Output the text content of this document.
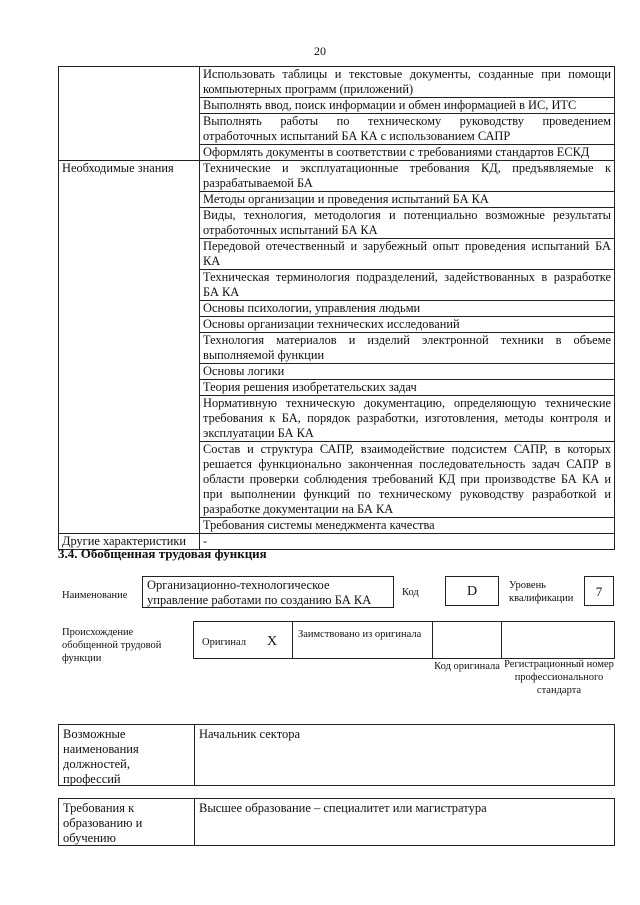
20
	Использовать таблицы и текстовые документы, созданные при помощи компьютерных программ (приложений)
	Выполнять ввод, поиск информации и обмен информацией в ИС, ИТС
	Выполнять работы по техническому руководству проведением отработочных испытаний БА КА с использованием САПР
	Оформлять документы в соответствии с требованиями стандартов ЕСКД
Необходимые знания	Технические и эксплуатационные требования КД, предъявляемые к разрабатываемой БА
	Методы организации и проведения испытаний БА КА
	Виды, технология, методология и потенциально возможные результаты отработочных испытаний БА КА
	Передовой отечественный и зарубежный опыт проведения испытаний БА КА
	Техническая терминология подразделений, задействованных в разработке БА КА
	Основы психологии, управления людьми
	Основы организации технических исследований
	Технология материалов и изделий электронной техники в объеме выполняемой функции
	Основы логики
	Теория решения изобретательских задач
	Нормативную техническую документацию, определяющую технические требования к БА, порядок разработки, изготовления, методы контроля и эксплуатации БА КА
	Состав и структура САПР, взаимодействие подсистем САПР, в которых решается функционально законченная последовательность задач САПР в области проверки соблюдения требований КД при производстве БА КА и при выполнении функций по техническому руководству разработкой и разработке документации на БА КА
	Требования системы менеджмента качества
Другие характеристики	-
3.4. Обобщенная трудовая функция
Наименование
Организационно-технологическое управление работами по созданию БА КА
Код	D	Уровень квалификации	7
Происхождение обобщенной трудовой функции
Оригинал X Заимствовано из оригинала
Код оригинала Регистрационный номер профессионального стандарта
Возможные наименования должностей, профессий
Начальник сектора
Требования к образованию и обучению
Высшее образование – специалитет или магистратура
